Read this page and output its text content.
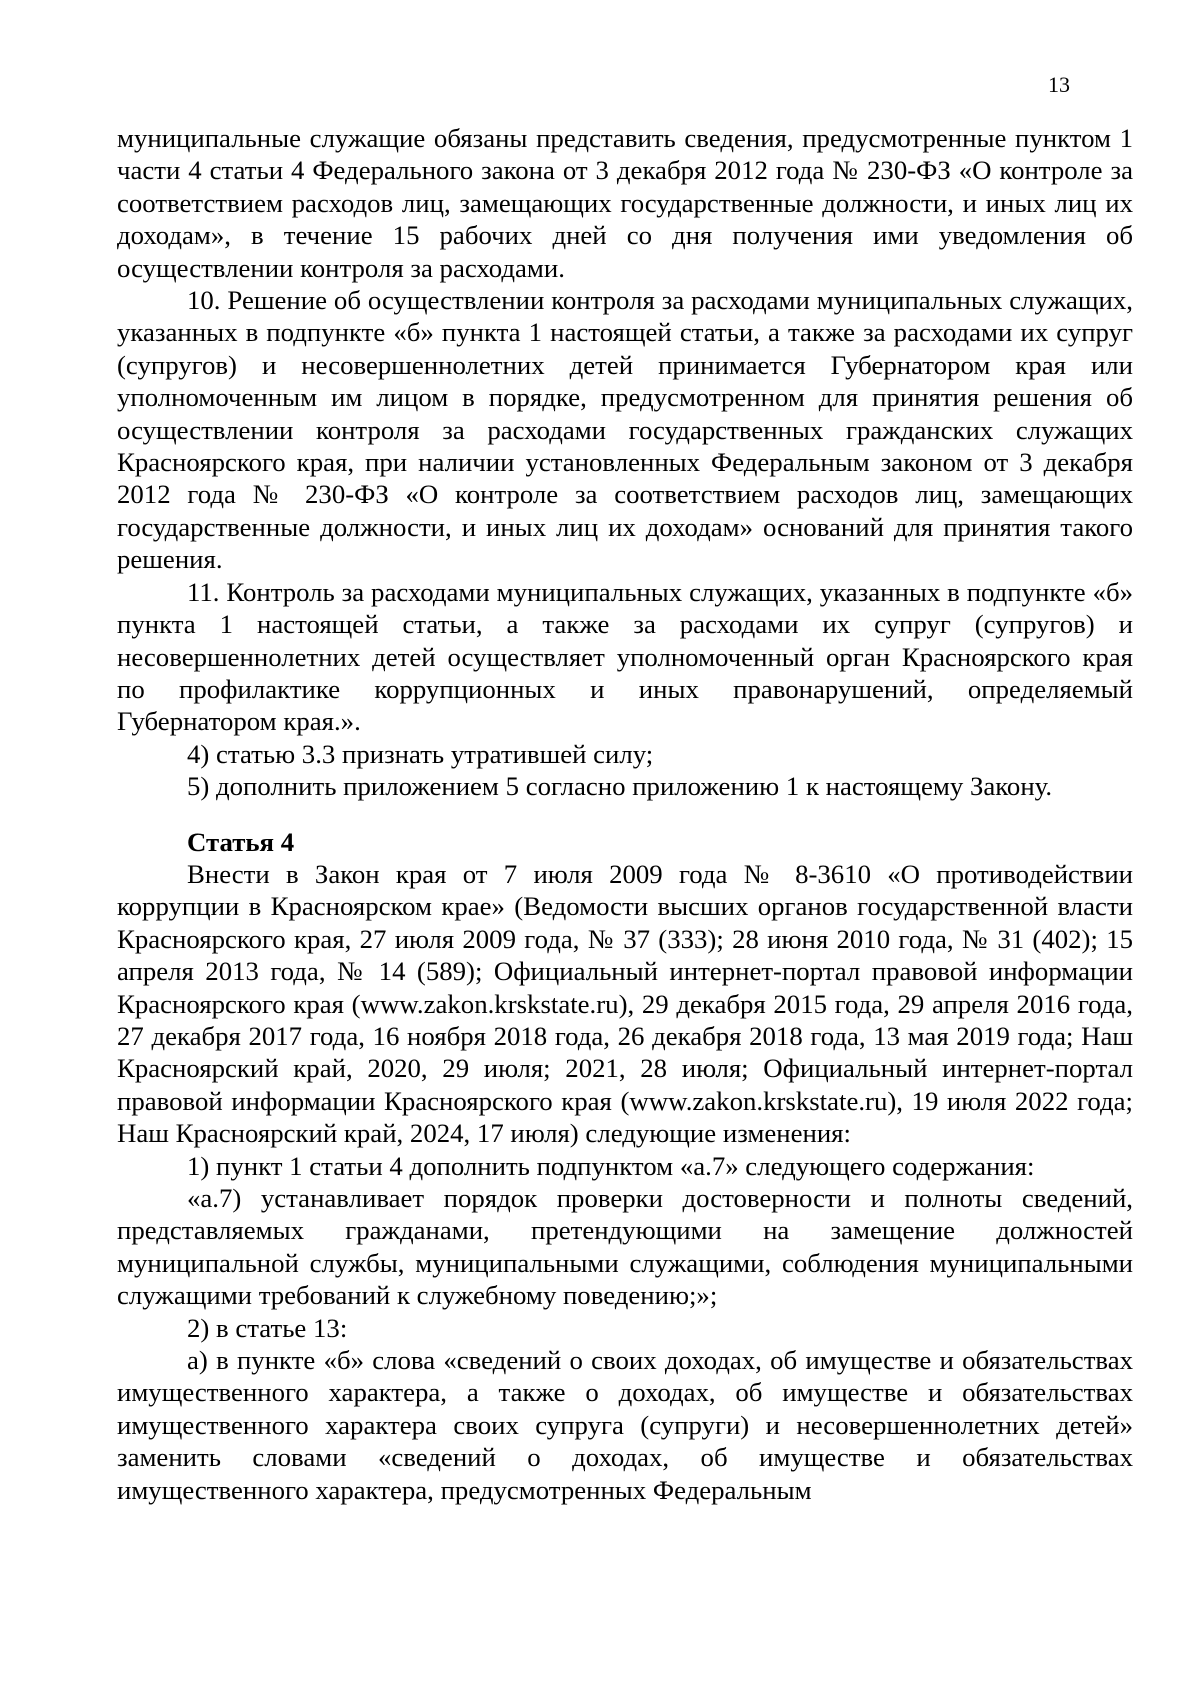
13

муниципальные служащие обязаны представить сведения, предусмотренные пунктом 1 части 4 статьи 4 Федерального закона от 3 декабря 2012 года № 230-ФЗ «О контроле за соответствием расходов лиц, замещающих государственные должности, и иных лиц их доходам», в течение 15 рабочих дней со дня получения ими уведомления об осуществлении контроля за расходами.

10. Решение об осуществлении контроля за расходами муниципальных служащих, указанных в подпункте «б» пункта 1 настоящей статьи, а также за расходами их супруг (супругов) и несовершеннолетних детей принимается Губернатором края или уполномоченным им лицом в порядке, предусмотренном для принятия решения об осуществлении контроля за расходами государственных гражданских служащих Красноярского края, при наличии установленных Федеральным законом от 3 декабря 2012 года № 230-ФЗ «О контроле за соответствием расходов лиц, замещающих государственные должности, и иных лиц их доходам» оснований для принятия такого решения.

11. Контроль за расходами муниципальных служащих, указанных в подпункте «б» пункта 1 настоящей статьи, а также за расходами их супруг (супругов) и несовершеннолетних детей осуществляет уполномоченный орган Красноярского края по профилактике коррупционных и иных правонарушений, определяемый Губернатором края.».

4) статью 3.3 признать утратившей силу;

5) дополнить приложением 5 согласно приложению 1 к настоящему Закону.

Статья 4

Внести в Закон края от 7 июля 2009 года № 8-3610 «О противодействии коррупции в Красноярском крае» (Ведомости высших органов государственной власти Красноярского края, 27 июля 2009 года, № 37 (333); 28 июня 2010 года, № 31 (402); 15 апреля 2013 года, № 14 (589); Официальный интернет-портал правовой информации Красноярского края (www.zakon.krskstate.ru), 29 декабря 2015 года, 29 апреля 2016 года, 27 декабря 2017 года, 16 ноября 2018 года, 26 декабря 2018 года, 13 мая 2019 года; Наш Красноярский край, 2020, 29 июля; 2021, 28 июля; Официальный интернет-портал правовой информации Красноярского края (www.zakon.krskstate.ru), 19 июля 2022 года; Наш Красноярский край, 2024, 17 июля) следующие изменения:

1) пункт 1 статьи 4 дополнить подпунктом «а.7» следующего содержания:

«а.7) устанавливает порядок проверки достоверности и полноты сведений, представляемых гражданами, претендующими на замещение должностей муниципальной службы, муниципальными служащими, соблюдения муниципальными служащими требований к служебному поведению;»;

2) в статье 13:

а) в пункте «б» слова «сведений о своих доходах, об имуществе и обязательствах имущественного характера, а также о доходах, об имуществе и обязательствах имущественного характера своих супруга (супруги) и несовершеннолетних детей» заменить словами «сведений о доходах, об имуществе и обязательствах имущественного характера, предусмотренных Федеральным
